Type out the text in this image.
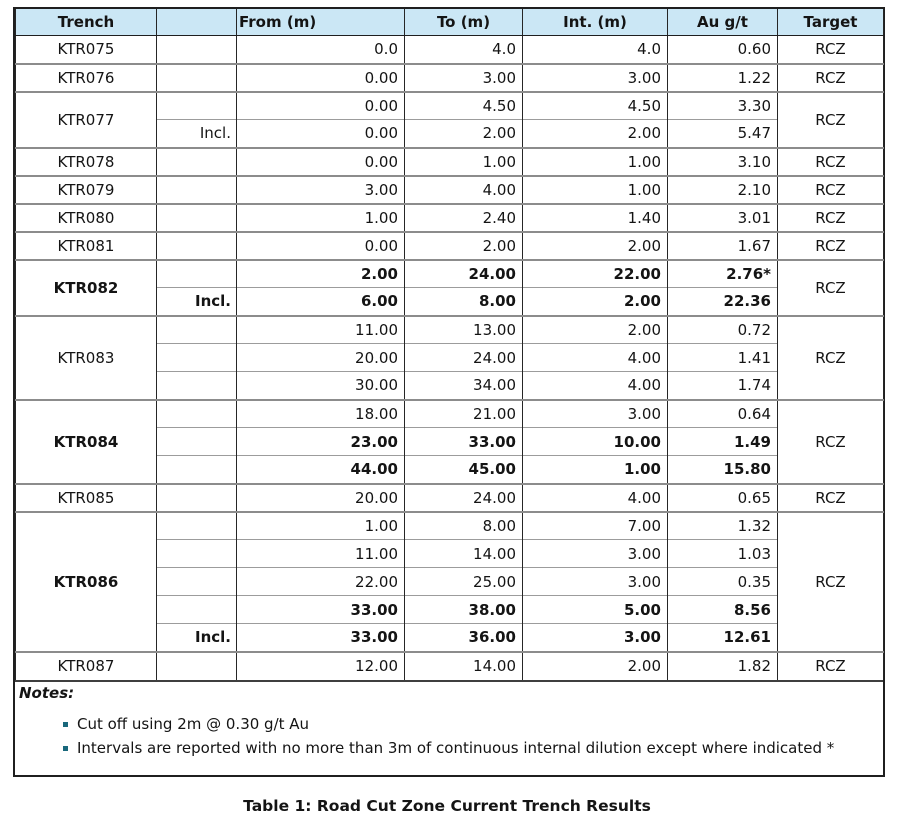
Trench		From (m)	To (m)	Int. (m)	Au g/t	Target
KTR075		0.0	4.0	4.0	0.60	RCZ
KTR076		0.00	3.00	3.00	1.22	RCZ
KTR077		0.00	4.50	4.50	3.30	RCZ
	Incl.	0.00	2.00	2.00	5.47	
KTR078		0.00	1.00	1.00	3.10	RCZ
KTR079		3.00	4.00	1.00	2.10	RCZ
KTR080		1.00	2.40	1.40	3.01	RCZ
KTR081		0.00	2.00	2.00	1.67	RCZ
KTR082		2.00	24.00	22.00	2.76*	RCZ
	Incl.	6.00	8.00	2.00	22.36	
KTR083		11.00	13.00	2.00	0.72	RCZ
		20.00	24.00	4.00	1.41	
		30.00	34.00	4.00	1.74	
KTR084		18.00	21.00	3.00	0.64	RCZ
		23.00	33.00	10.00	1.49	
		44.00	45.00	1.00	15.80	
KTR085		20.00	24.00	4.00	0.65	RCZ
KTR086		1.00	8.00	7.00	1.32	RCZ
		11.00	14.00	3.00	1.03	
		22.00	25.00	3.00	0.35	
		33.00	38.00	5.00	8.56	
	Incl.	33.00	36.00	3.00	12.61	
KTR087		12.00	14.00	2.00	1.82	RCZ
Notes:
Cut off using 2m @ 0.30 g/t Au
Intervals are reported with no more than 3m of continuous internal dilution except where indicated *
Table 1: Road Cut Zone Current Trench Results
